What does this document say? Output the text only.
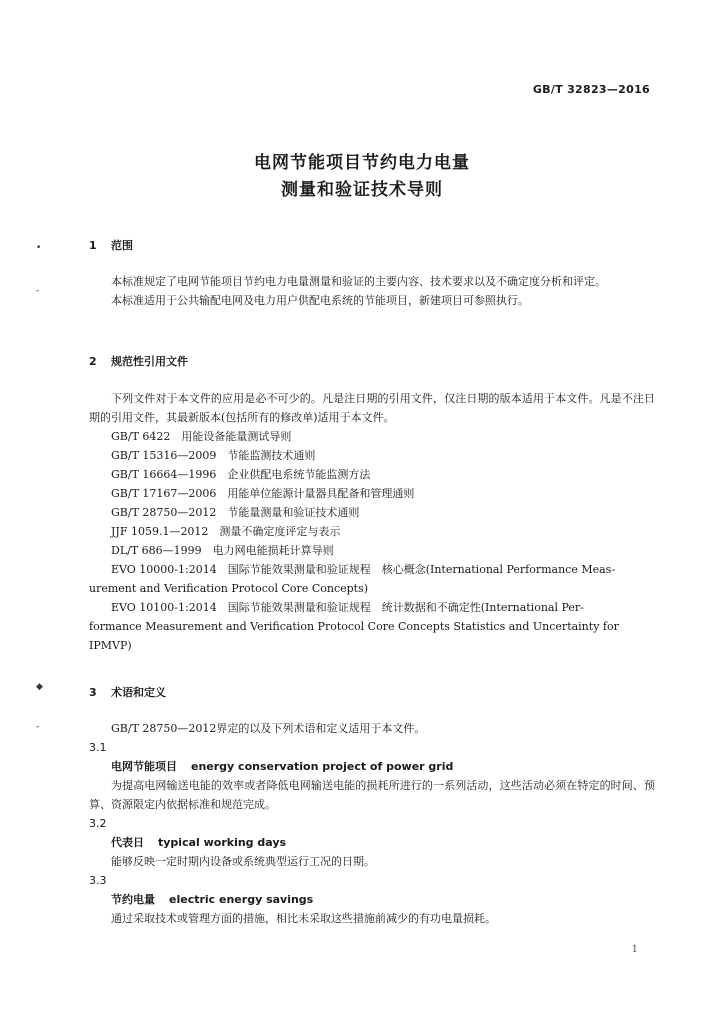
GB/T 32823—2016
电网节能项目节约电力电量
测量和验证技术导则
•
-
◆
-

1 范围

本标准规定了电网节能项目节约电力电量测量和验证的主要内容、技术要求以及不确定度分析和评定。

本标准适用于公共输配电网及电力用户供配电系统的节能项目，新建项目可参照执行。

2 规范性引用文件

下列文件对于本文件的应用是必不可少的。凡是注日期的引用文件，仅注日期的版本适用于本文件。凡是不注日期的引用文件，其最新版本(包括所有的修改单)适用于本文件。

GB/T 6422　用能设备能量测试导则

GB/T 15316—2009　节能监测技术通则

GB/T 16664—1996　企业供配电系统节能监测方法

GB/T 17167—2006　用能单位能源计量器具配备和管理通则

GB/T 28750—2012　节能量测量和验证技术通则

JJF 1059.1—2012　测量不确定度评定与表示

DL/T 686—1999　电力网电能损耗计算导则

EVO 10000-1:2014　国际节能效果测量和验证规程　核心概念(International Performance Meas-

urement and Verification Protocol Core Concepts)

EVO 10100-1:2014　国际节能效果测量和验证规程　统计数据和不确定性(International Per-

formance Measurement and Verification Protocol Core Concepts Statistics and Uncertainty for

IPMVP)

3 术语和定义

GB/T 28750—2012界定的以及下列术语和定义适用于本文件。

3.1

电网节能项目 energy conservation project of power grid

为提高电网输送电能的效率或者降低电网输送电能的损耗所进行的一系列活动，这些活动必须在特定的时间、预算、资源限定内依据标准和规范完成。

3.2

代表日 typical working days

能够反映一定时期内设备或系统典型运行工况的日期。

3.3

节约电量 electric energy savings

通过采取技术或管理方面的措施，相比未采取这些措施前减少的有功电量损耗。

1
